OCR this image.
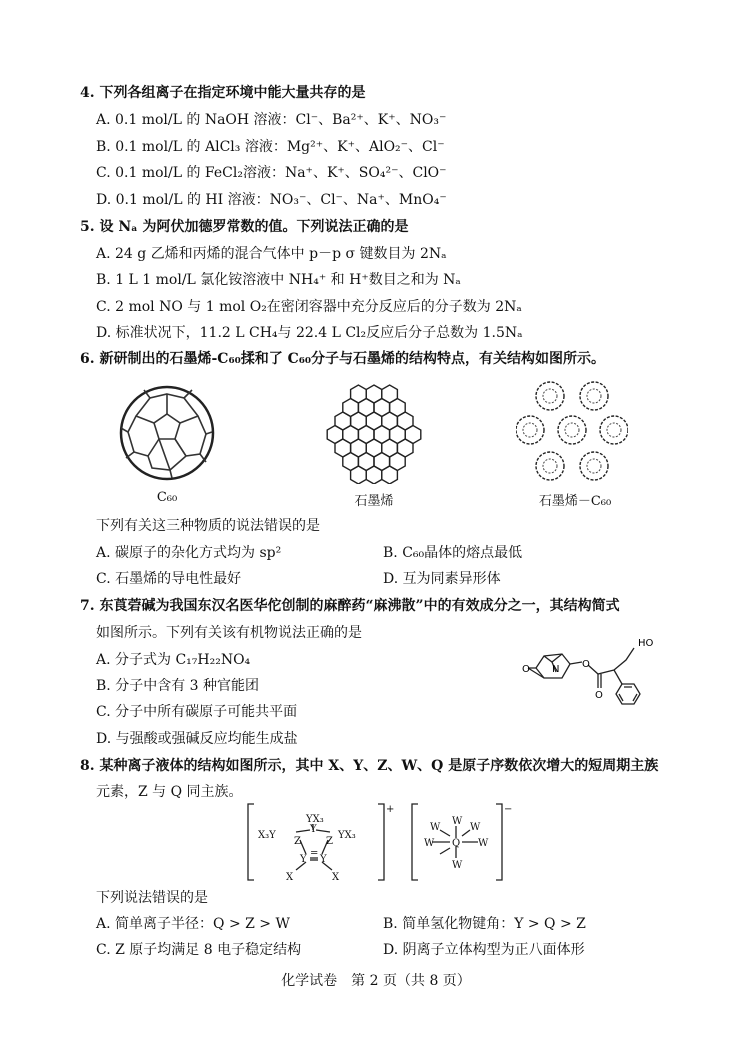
4. 下列各组离子在指定环境中能大量共存的是
A. 0.1 mol/L 的 NaOH 溶液：Cl⁻、Ba²⁺、K⁺、NO₃⁻
B. 0.1 mol/L 的 AlCl₃ 溶液：Mg²⁺、K⁺、AlO₂⁻、Cl⁻
C. 0.1 mol/L 的 FeCl₂溶液：Na⁺、K⁺、SO₄²⁻、ClO⁻
D. 0.1 mol/L 的 HI 溶液：NO₃⁻、Cl⁻、Na⁺、MnO₄⁻
5. 设 Nₐ 为阿伏加德罗常数的值。下列说法正确的是
A. 24 g 乙烯和丙烯的混合气体中 p－p σ 键数目为 2Nₐ
B. 1 L 1 mol/L 氯化铵溶液中 NH₄⁺ 和 H⁺数目之和为 Nₐ
C. 2 mol NO 与 1 mol O₂在密闭容器中充分反应后的分子数为 2Nₐ
D. 标准状况下，11.2 L CH₄与 22.4 L Cl₂反应后分子总数为 1.5Nₐ
6. 新研制出的石墨烯-C₆₀揉和了 C₆₀分子与石墨烯的结构特点，有关结构如图所示。
C₆₀	石墨烯	石墨烯－C₆₀
下列有关这三种物质的说法错误的是
A. 碳原子的杂化方式均为 sp²	B. C₆₀晶体的熔点最低
C. 石墨烯的导电性最好	D. 互为同素异形体
7. 东莨菪碱为我国东汉名医华佗创制的麻醉药“麻沸散”中的有效成分之一，其结构简式
如图所示。下列有关该有机物说法正确的是
A. 分子式为 C₁₇H₂₂NO₄
B. 分子中含有 3 种官能团
C. 分子中所有碳原子可能共平面
D. 与强酸或强碱反应均能生成盐
HO
O N O
O
8. 某种离子液体的结构如图所示，其中 X、Y、Z、W、Q 是原子序数依次增大的短周期主族
元素，Z 与 Q 同主族。
+	−
YX₃
X₃Y	YX₃
Y
Z	Z
Y Y
=
X	X
W
W
W
W	W
W
Q
下列说法错误的是
A. 简单离子半径：Q > Z > W	B. 简单氢化物键角：Y > Q > Z
C. Z 原子均满足 8 电子稳定结构	D. 阴离子立体构型为正八面体形
化学试卷　第 2 页（共 8 页）
